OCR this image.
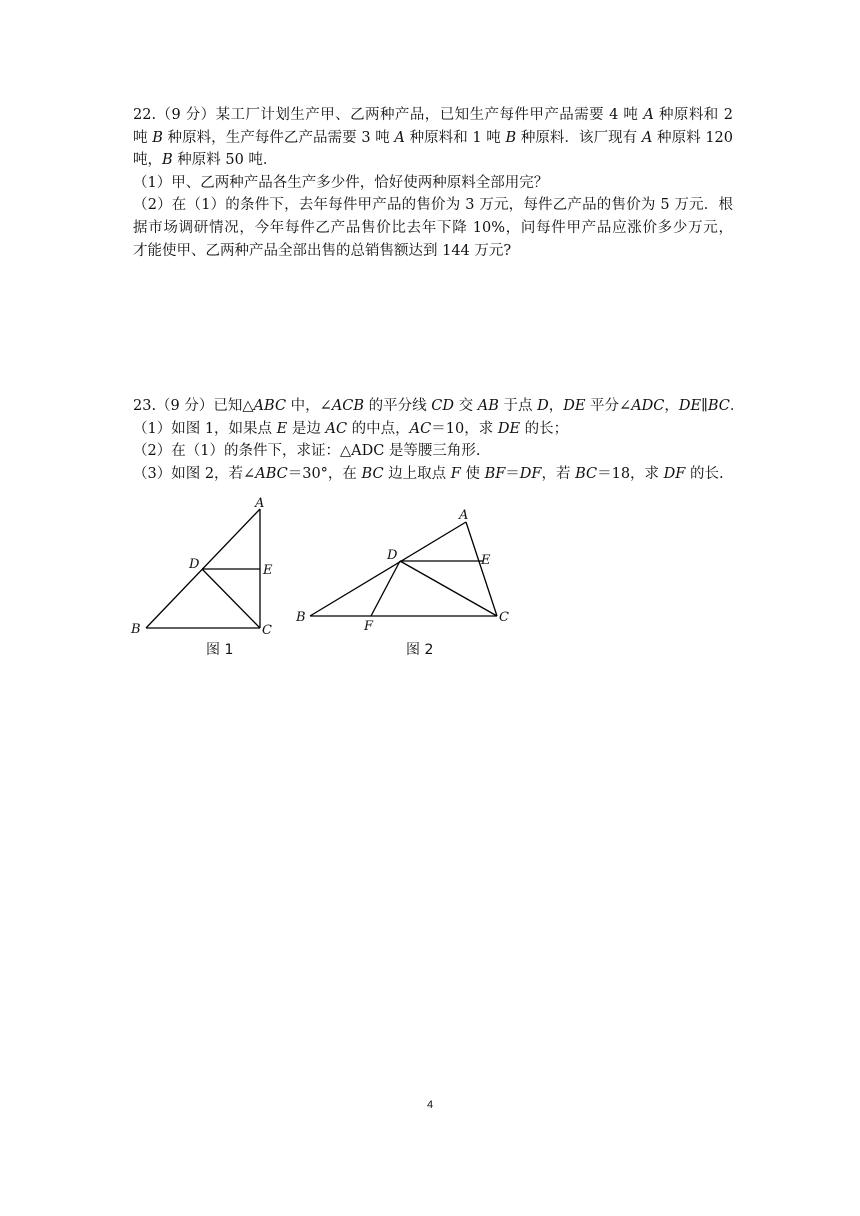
22.（9 分）某工厂计划生产甲、乙两种产品，已知生产每件甲产品需要 4 吨 A 种原料和 2
吨 B 种原料，生产每件乙产品需要 3 吨 A 种原料和 1 吨 B 种原料．该厂现有 A 种原料 120
吨，B 种原料 50 吨．
（1）甲、乙两种产品各生产多少件，恰好使两种原料全部用完？
（2）在（1）的条件下，去年每件甲产品的售价为 3 万元，每件乙产品的售价为 5 万元．根
据市场调研情况，今年每件乙产品售价比去年下降 10%，问每件甲产品应涨价多少万元，
才能使甲、乙两种产品全部出售的总销售额达到 144 万元?
23.（9 分）已知△ABC 中，∠ACB 的平分线 CD 交 AB 于点 D，DE 平分∠ADC，DE∥BC．
（1）如图 1，如果点 E 是边 AC 的中点，AC＝10，求 DE 的长；
（2）在（1）的条件下，求证：△ADC 是等腰三角形.
（3）如图 2，若∠ABC＝30°，在 BC 边上取点 F 使 BF＝DF，若 BC＝18，求 DF 的长.
A
B	C
D	E
图 1
A
B	C
D	E
F
图 2
4
